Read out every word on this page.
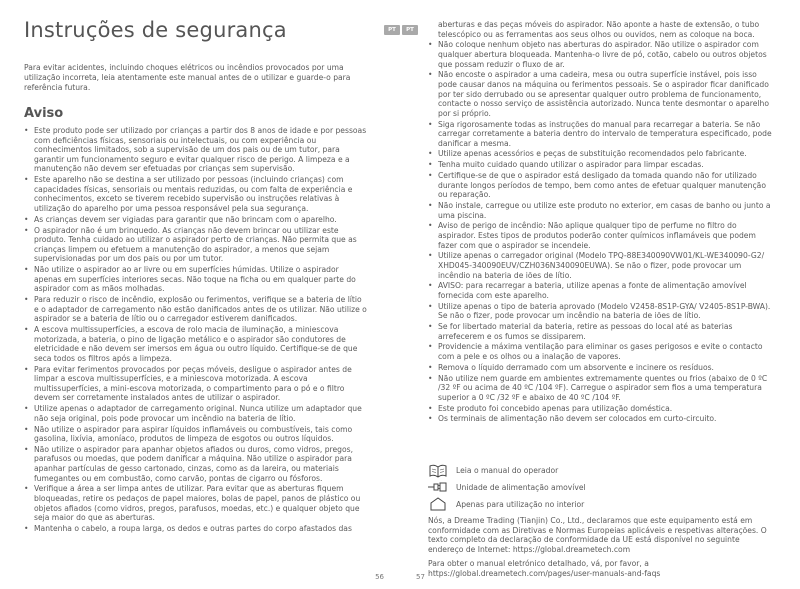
Instruções de segurança

Para evitar acidentes, incluindo choques elétricos ou incêndios provocados por uma utilização incorreta, leia atentamente este manual antes de o utilizar e guarde-o para referência futura.

Aviso
PT
• Este produto pode ser utilizado por crianças a partir dos 8 anos de idade e por pessoas com deficiências físicas, sensoriais ou intelectuais, ou com experiência ou conhecimentos limitados, sob a supervisão de um dos pais ou de um tutor, para garantir um funcionamento seguro e evitar qualquer risco de perigo. A limpeza e a manutenção não devem ser efetuadas por crianças sem supervisão.
• Este aparelho não se destina a ser utilizado por pessoas (incluindo crianças) com capacidades físicas, sensoriais ou mentais reduzidas, ou com falta de experiência e conhecimentos, exceto se tiverem recebido supervisão ou instruções relativas à utilização do aparelho por uma pessoa responsável pela sua segurança.
• As crianças devem ser vigiadas para garantir que não brincam com o aparelho.
• O aspirador não é um brinquedo. As crianças não devem brincar ou utilizar este produto. Tenha cuidado ao utilizar o aspirador perto de crianças. Não permita que as crianças limpem ou efetuem a manutenção do aspirador, a menos que sejam supervisionadas por um dos pais ou por um tutor.
• Não utilize o aspirador ao ar livre ou em superfícies húmidas. Utilize o aspirador apenas em superfícies interiores secas. Não toque na ficha ou em qualquer parte do aspirador com as mãos molhadas.
• Para reduzir o risco de incêndio, explosão ou ferimentos, verifique se a bateria de lítio e o adaptador de carregamento não estão danificados antes de os utilizar. Não utilize o aspirador se a bateria de lítio ou o carregador estiverem danificados.
• A escova multissuperfícies, a escova de rolo macia de iluminação, a miniescova motorizada, a bateria, o pino de ligação metálico e o aspirador são condutores de eletricidade e não devem ser imersos em água ou outro líquido. Certifique-se de que seca todos os filtros após a limpeza.
• Para evitar ferimentos provocados por peças móveis, desligue o aspirador antes de limpar a escova multissuperfícies, e a miniescova motorizada. A escova multissuperfícies, a mini-escova motorizada, o compartimento para o pó e o filtro devem ser corretamente instalados antes de utilizar o aspirador.
• Utilize apenas o adaptador de carregamento original. Nunca utilize um adaptador que não seja original, pois pode provocar um incêndio na bateria de lítio.
• Não utilize o aspirador para aspirar líquidos inflamáveis ou combustíveis, tais como gasolina, lixívia, amoníaco, produtos de limpeza de esgotos ou outros líquidos.
• Não utilize o aspirador para apanhar objetos afiados ou duros, como vidros, pregos, parafusos ou moedas, que podem danificar a máquina. Não utilize o aspirador para apanhar partículas de gesso cartonado, cinzas, como as da lareira, ou materiais fumegantes ou em combustão, como carvão, pontas de cigarro ou fósforos.
• Verifique a área a ser limpa antes de utilizar. Para evitar que as aberturas fiquem bloqueadas, retire os pedaços de papel maiores, bolas de papel, panos de plástico ou objetos afiados (como vidros, pregos, parafusos, moedas, etc.) e qualquer objeto que seja maior do que as aberturas.
• Mantenha o cabelo, a roupa larga, os dedos e outras partes do corpo afastados das
56
PT
aberturas e das peças móveis do aspirador. Não aponte a haste de extensão, o tubo telescópico ou as ferramentas aos seus olhos ou ouvidos, nem as coloque na boca.
• Não coloque nenhum objeto nas aberturas do aspirador. Não utilize o aspirador com qualquer abertura bloqueada. Mantenha-o livre de pó, cotão, cabelo ou outros objetos que possam reduzir o fluxo de ar.
• Não encoste o aspirador a uma cadeira, mesa ou outra superfície instável, pois isso pode causar danos na máquina ou ferimentos pessoais. Se o aspirador ficar danificado por ter sido derrubado ou se apresentar qualquer outro problema de funcionamento, contacte o nosso serviço de assistência autorizado. Nunca tente desmontar o aparelho por si próprio.
• Siga rigorosamente todas as instruções do manual para recarregar a bateria. Se não carregar corretamente a bateria dentro do intervalo de temperatura especificado, pode danificar a mesma.
• Utilize apenas acessórios e peças de substituição recomendados pelo fabricante.
• Tenha muito cuidado quando utilizar o aspirador para limpar escadas.
• Certifique-se de que o aspirador está desligado da tomada quando não for utilizado durante longos períodos de tempo, bem como antes de efetuar qualquer manutenção ou reparação.
• Não instale, carregue ou utilize este produto no exterior, em casas de banho ou junto a uma piscina.
• Aviso de perigo de incêndio: Não aplique qualquer tipo de perfume no filtro do aspirador. Estes tipos de produtos poderão conter químicos inflamáveis que podem fazer com que o aspirador se incendeie.
• Utilize apenas o carregador original (Modelo TPQ-88E340090VW01/KL-WE340090-G2/ XHD045-340090EUV/CZH036N340090EUWA). Se não o fizer, pode provocar um incêndio na bateria de iões de lítio.
• AVISO: para recarregar a bateria, utilize apenas a fonte de alimentação amovível fornecida com este aparelho.
• Utilize apenas o tipo de bateria aprovado (Modelo V2458-8S1P-GYA/ V2405-8S1P-BWA). Se não o fizer, pode provocar um incêndio na bateria de iões de lítio.
• Se for libertado material da bateria, retire as pessoas do local até as baterias arrefecerem e os fumos se dissiparem.
• Providencie a máxima ventilação para eliminar os gases perigosos e evite o contacto com a pele e os olhos ou a inalação de vapores.
• Remova o líquido derramado com um absorvente e incinere os resíduos.
• Não utilize nem guarde em ambientes extremamente quentes ou frios (abaixo de 0 ºC /32 ºF ou acima de 40 ºC /104 ºF). Carregue o aspirador sem fios a uma temperatura superior a 0 ºC /32 ºF e abaixo de 40 ºC /104 ºF.
• Este produto foi concebido apenas para utilização doméstica.
• Os terminais de alimentação não devem ser colocados em curto-circuito.
Leia o manual do operador
Unidade de alimentação amovível
Apenas para utilização no interior

Nós, a Dreame Trading (Tianjin) Co., Ltd., declaramos que este equipamento está em conformidade com as Diretivas e Normas Europeias aplicáveis e respetivas alterações. O texto completo da declaração de conformidade da UE está disponível no seguinte endereço de Internet: https://global.dreametech.com

Para obter o manual eletrónico detalhado, vá, por favor, a https://global.dreametech.com/pages/user-manuals-and-faqs

57
